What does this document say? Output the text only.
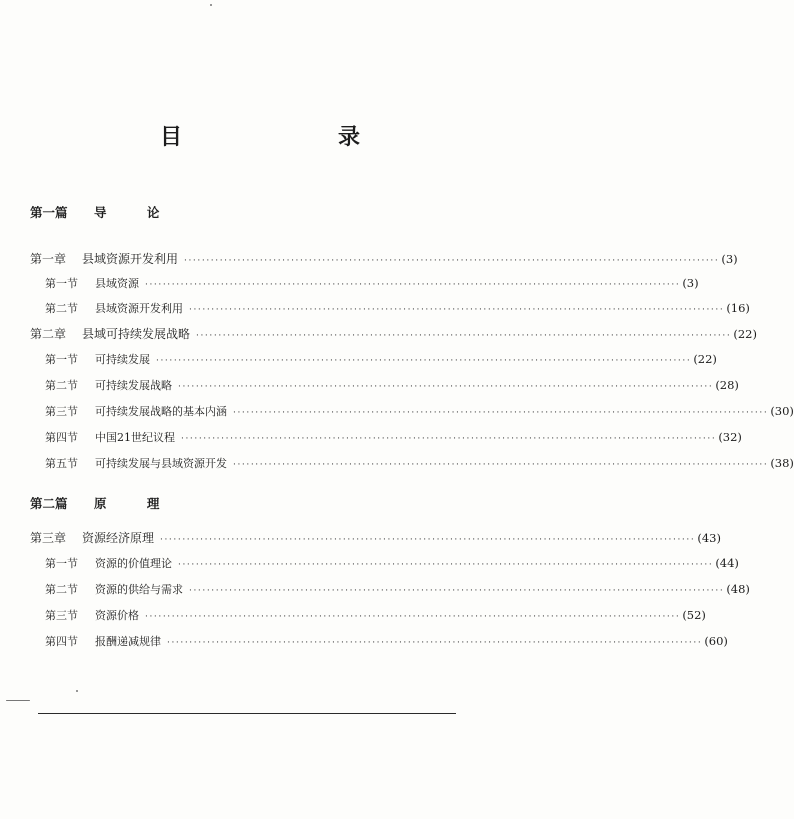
目	录
第一篇 导 论
第一章	县域资源开发利用 ························································································································ (3)
第一节	县域资源 ························································································································ (3)
第二节	县域资源开发利用 ························································································································ (16)
第二章	县域可持续发展战略 ························································································································ (22)
第一节	可持续发展 ························································································································ (22)
第二节	可持续发展战略 ························································································································ (28)
第三节	可持续发展战略的基本内涵 ························································································································ (30)
第四节	中国21世纪议程 ························································································································ (32)
第五节	可持续发展与县域资源开发 ························································································································ (38)
第二篇 原 理
第三章	资源经济原理 ························································································································ (43)
第一节	资源的价值理论 ························································································································ (44)
第二节	资源的供给与需求 ························································································································ (48)
第三节	资源价格 ························································································································ (52)
第四节	报酬递减规律 ························································································································ (60)
